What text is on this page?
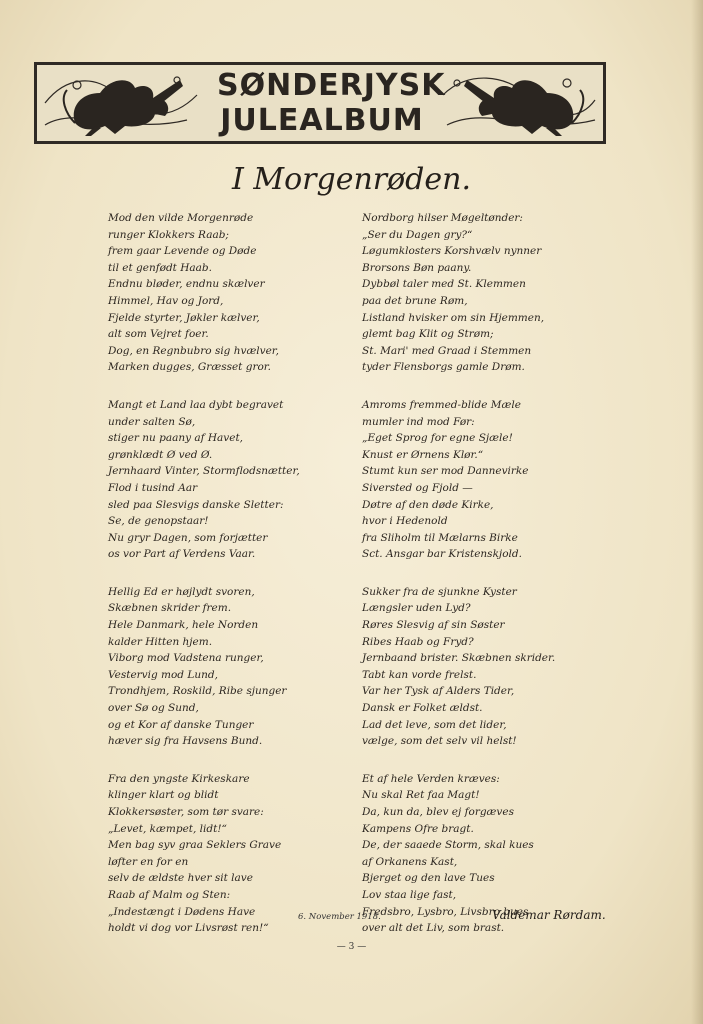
SØNDERJYSK
JULEALBUM
I Morgenrøden.
Mod den vilde Morgenrøde
runger Klokkers Raab;
frem gaar Levende og Døde
til et genfødt Haab.
Endnu bløder, endnu skælver
Himmel, Hav og Jord,
Fjelde styrter, Jøkler kælver,
alt som Vejret foer.
Dog, en Regnbubro sig hvælver,
Marken dugges, Græsset gror.
Mangt et Land laa dybt begravet
under salten Sø,
stiger nu paany af Havet,
grønklædt Ø ved Ø.
Jernhaard Vinter, Stormflodsnætter,
Flod i tusind Aar
sled paa Slesvigs danske Sletter:
Se, de genopstaar!
Nu gryr Dagen, som forjætter
os vor Part af Verdens Vaar.
Hellig Ed er højlydt svoren,
Skæbnen skrider frem.
Hele Danmark, hele Norden
kalder Hitten hjem.
Viborg mod Vadstena runger,
Vestervig mod Lund,
Trondhjem, Roskild, Ribe sjunger
over Sø og Sund,
og et Kor af danske Tunger
hæver sig fra Havsens Bund.
Fra den yngste Kirkeskare
klinger klart og blidt
Klokkersøster, som tør svare:
„Levet, kæmpet, lidt!“
Men bag syv graa Seklers Grave
løfter en for en
selv de ældste hver sit lave
Raab af Malm og Sten:
„Indestængt i Dødens Have
holdt vi dog vor Livsrøst ren!“
Nordborg hilser Møgeltønder:
„Ser du Dagen gry?“
Løgumklosters Korshvælv nynner
Brorsons Bøn paany.
Dybbøl taler med St. Klemmen
paa det brune Røm,
Listland hvisker om sin Hjemmen,
glemt bag Klit og Strøm;
St. Mari' med Graad i Stemmen
tyder Flensborgs gamle Drøm.
Amroms fremmed-blide Mæle
mumler ind mod Før:
„Eget Sprog for egne Sjæle!
Knust er Ørnens Klør.“
Stumt kun ser mod Dannevirke
Siversted og Fjold —
Døtre af den døde Kirke,
hvor i Hedenold
fra Sliholm til Mælarns Birke
Sct. Ansgar bar Kristenskjold.
Sukker fra de sjunkne Kyster
Længsler uden Lyd?
Røres Slesvig af sin Søster
Ribes Haab og Fryd?
Jernbaand brister. Skæbnen skrider.
Tabt kan vorde frelst.
Var her Tysk af Alders Tider,
Dansk er Folket ældst.
Lad det leve, som det lider,
vælge, som det selv vil helst!
Et af hele Verden kræves:
Nu skal Ret faa Magt!
Da, kun da, blev ej forgæves
Kampens Ofre bragt.
De, der saaede Storm, skal kues
af Orkanens Kast,
Bjerget og den lave Tues
Lov staa lige fast,
Fredsbro, Lysbro, Livsbro bues
over alt det Liv, som brast.
6. November 1918.	Valdemar Rørdam.
— 3 —
